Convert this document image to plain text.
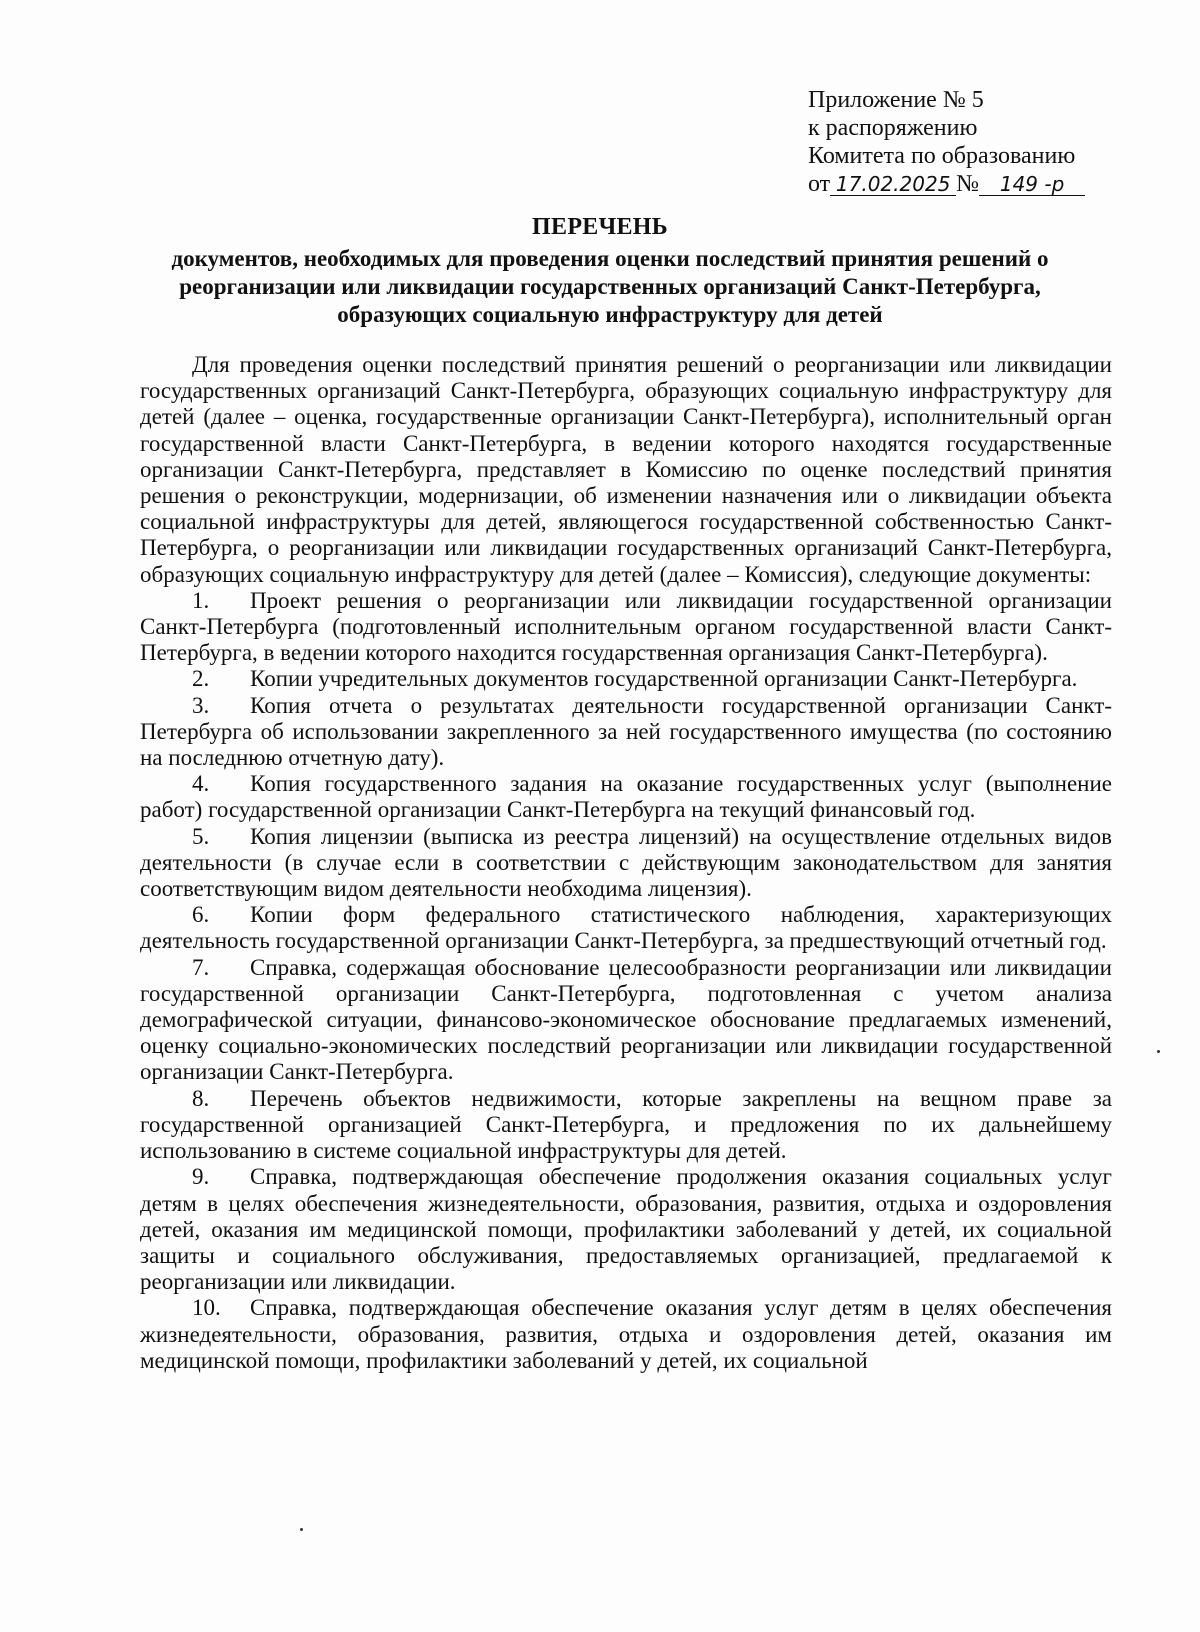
Приложение № 5
к распоряжению
Комитета по образованию
от 17.02.2025 №	149 -р
ПЕРЕЧЕНЬ
документов, необходимых для проведения оценки последствий принятия решений о реорганизации или ликвидации государственных организаций Санкт-Петербурга, образующих социальную инфраструктуру для детей

Для проведения оценки последствий принятия решений о реорганизации или ликвидации государственных организаций Санкт-Петербурга, образующих социальную инфраструктуру для детей (далее – оценка, государственные организации Санкт-Петербурга), исполнительный орган государственной власти Санкт-Петербурга, в ведении которого находятся государственные организации Санкт-Петербурга, представляет в Комиссию по оценке последствий принятия решения о реконструкции, модернизации, об изменении назначения или о ликвидации объекта социальной инфраструктуры для детей, являющегося государственной собственностью Санкт-Петербурга, о реорганизации или ликвидации государственных организаций Санкт-Петербурга, образующих социальную инфраструктуру для детей (далее – Комиссия), следующие документы:

1. Проект решения о реорганизации или ликвидации государственной организации Санкт-Петербурга (подготовленный исполнительным органом государственной власти Санкт-Петербурга, в ведении которого находится государственная организация Санкт-Петербурга).
2. Копии учредительных документов государственной организации Санкт-Петербурга.
3. Копия отчета о результатах деятельности государственной организации Санкт-Петербурга об использовании закрепленного за ней государственного имущества (по состоянию на последнюю отчетную дату).
4. Копия государственного задания на оказание государственных услуг (выполнение работ) государственной организации Санкт-Петербурга на текущий финансовый год.
5. Копия лицензии (выписка из реестра лицензий) на осуществление отдельных видов деятельности (в случае если в соответствии с действующим законодательством для занятия соответствующим видом деятельности необходима лицензия).
6. Копии форм федерального статистического наблюдения, характеризующих деятельность государственной организации Санкт-Петербурга, за предшествующий отчетный год.
7. Справка, содержащая обоснование целесообразности реорганизации или ликвидации государственной организации Санкт-Петербурга, подготовленная с учетом анализа демографической ситуации, финансово-экономическое обоснование предлагаемых изменений, оценку социально-экономических последствий реорганизации или ликвидации государственной организации Санкт-Петербурга.
8. Перечень объектов недвижимости, которые закреплены на вещном праве за государственной организацией Санкт-Петербурга, и предложения по их дальнейшему использованию в системе социальной инфраструктуры для детей.
9. Справка, подтверждающая обеспечение продолжения оказания социальных услуг детям в целях обеспечения жизнедеятельности, образования, развития, отдыха и оздоровления детей, оказания им медицинской помощи, профилактики заболеваний у детей, их социальной защиты и социального обслуживания, предоставляемых организацией, предлагаемой к реорганизации или ликвидации.
10. Справка, подтверждающая обеспечение оказания услуг детям в целях обеспечения жизнедеятельности, образования, развития, отдыха и оздоровления детей, оказания им медицинской помощи, профилактики заболеваний у детей, их социальной
